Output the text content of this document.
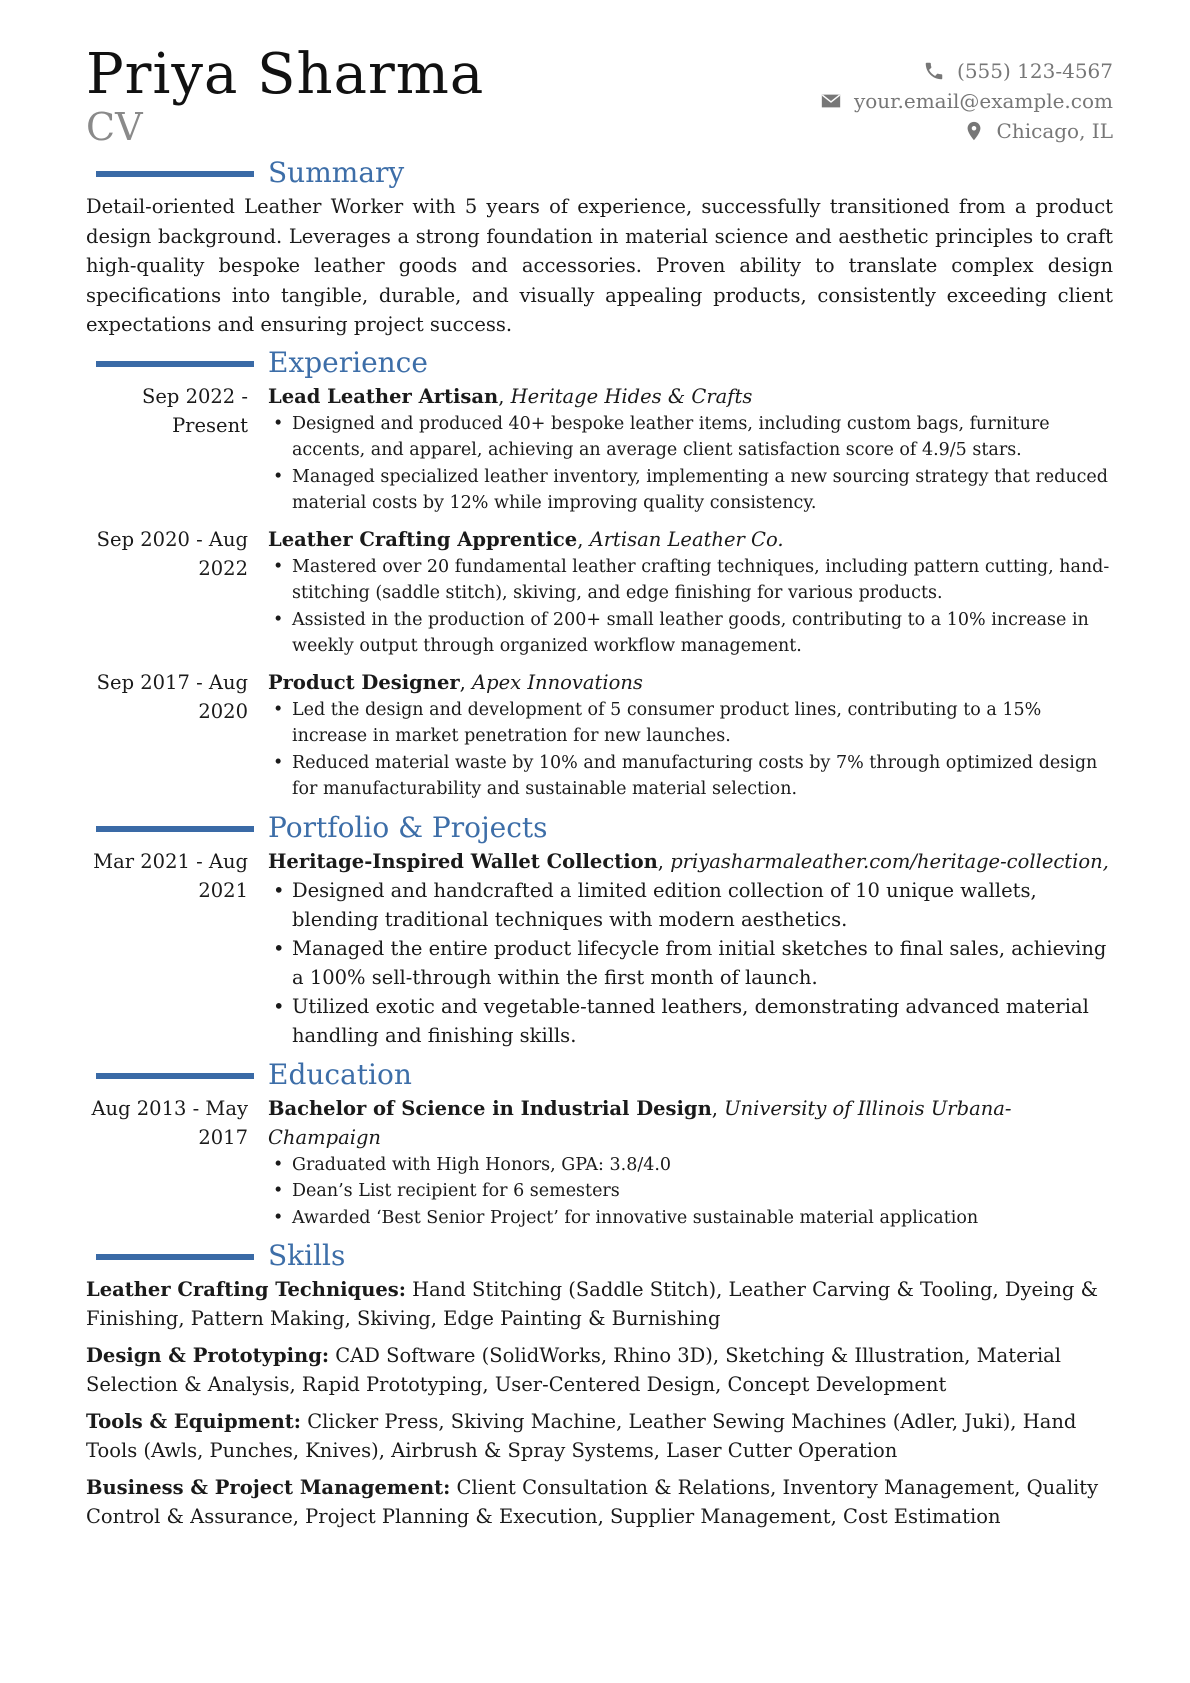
Priya Sharma
CV
(555) 123-4567
your.email@example.com
Chicago, IL
Summary
Detail-oriented Leather Worker with 5 years of experience, successfully transitioned from a product design background. Leverages a strong foundation in material science and aesthetic principles to craft high-quality bespoke leather goods and accessories. Proven ability to translate complex design specifications into tangible, durable, and visually appealing products, consistently exceeding client expectations and ensuring project success.
Experience
Sep 2022 - Present
Lead Leather Artisan, Heritage Hides & Crafts
• Designed and produced 40+ bespoke leather items, including custom bags, furniture accents, and apparel, achieving an average client satisfaction score of 4.9/5 stars.
• Managed specialized leather inventory, implementing a new sourcing strategy that reduced material costs by 12% while improving quality consistency.
Sep 2020 - Aug 2022
Leather Crafting Apprentice, Artisan Leather Co.
• Mastered over 20 fundamental leather crafting techniques, including pattern cutting, hand-stitching (saddle stitch), skiving, and edge finishing for various products.
• Assisted in the production of 200+ small leather goods, contributing to a 10% increase in weekly output through organized workflow management.
Sep 2017 - Aug 2020
Product Designer, Apex Innovations
• Led the design and development of 5 consumer product lines, contributing to a 15% increase in market penetration for new launches.
• Reduced material waste by 10% and manufacturing costs by 7% through optimized design for manufacturability and sustainable material selection.
Portfolio & Projects
Mar 2021 - Aug 2021
Heritage-Inspired Wallet Collection, priyasharmaleather.com/heritage-collection,
• Designed and handcrafted a limited edition collection of 10 unique wallets, blending traditional techniques with modern aesthetics.
• Managed the entire product lifecycle from initial sketches to final sales, achieving a 100% sell-through within the first month of launch.
• Utilized exotic and vegetable-tanned leathers, demonstrating advanced material handling and finishing skills.
Education
Aug 2013 - May 2017
Bachelor of Science in Industrial Design, University of Illinois Urbana-Champaign
• Graduated with High Honors, GPA: 3.8/4.0
• Dean’s List recipient for 6 semesters
• Awarded ‘Best Senior Project’ for innovative sustainable material application
Skills
Leather Crafting Techniques: Hand Stitching (Saddle Stitch), Leather Carving & Tooling, Dyeing & Finishing, Pattern Making, Skiving, Edge Painting & Burnishing
Design & Prototyping: CAD Software (SolidWorks, Rhino 3D), Sketching & Illustration, Material Selection & Analysis, Rapid Prototyping, User-Centered Design, Concept Development
Tools & Equipment: Clicker Press, Skiving Machine, Leather Sewing Machines (Adler, Juki), Hand Tools (Awls, Punches, Knives), Airbrush & Spray Systems, Laser Cutter Operation
Business & Project Management: Client Consultation & Relations, Inventory Management, Quality Control & Assurance, Project Planning & Execution, Supplier Management, Cost Estimation
